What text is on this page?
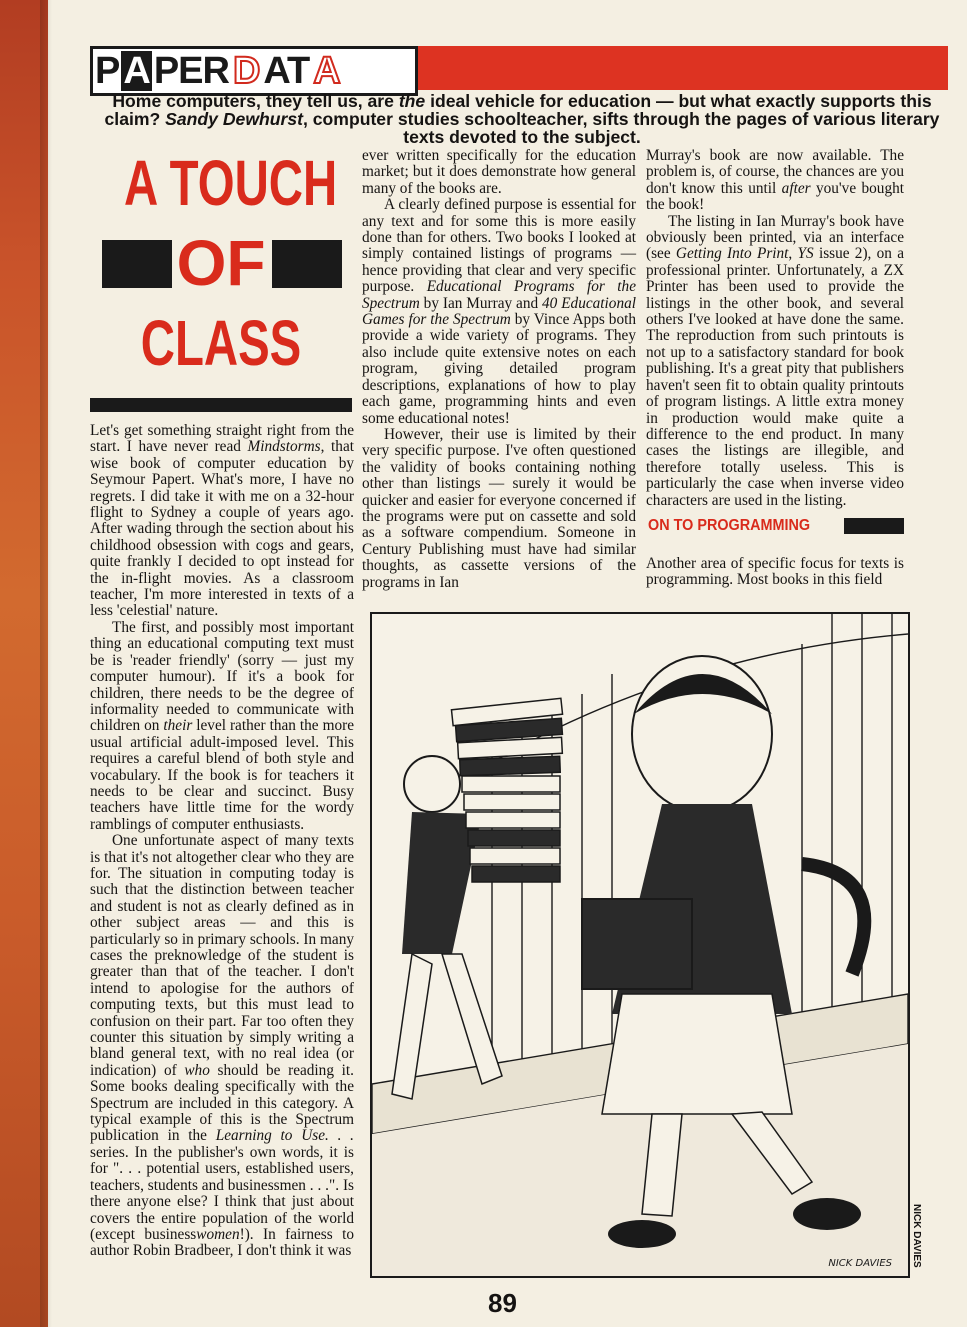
P A PER D AT A
Home computers, they tell us, are the ideal vehicle for education — but what exactly supports this claim? Sandy Dewhurst, computer studies schoolteacher, sifts through the pages of various literary texts devoted to the subject.
A TOUCH
OF
CLASS

Let's get something straight right from the start. I have never read Mindstorms, that wise book of computer education by Seymour Papert. What's more, I have no regrets. I did take it with me on a 32-hour flight to Sydney a couple of years ago. After wading through the section about his childhood obsession with cogs and gears, quite frankly I decided to opt instead for the in-flight movies. As a classroom teacher, I'm more interested in texts of a less 'celestial' nature.

The first, and possibly most important thing an educational computing text must be is 'reader friendly' (sorry — just my computer humour). If it's a book for children, there needs to be the degree of informality needed to communicate with children on their level rather than the more usual artificial adult-imposed level. This requires a careful blend of both style and vocabulary. If the book is for teachers it needs to be clear and succinct. Busy teachers have little time for the wordy ramblings of computer enthusiasts.

One unfortunate aspect of many texts is that it's not altogether clear who they are for. The situation in computing today is such that the distinction between teacher and student is not as clearly defined as in other subject areas — and this is particularly so in primary schools. In many cases the preknowledge of the student is greater than that of the teacher. I don't intend to apologise for the authors of computing texts, but this must lead to confusion on their part. Far too often they counter this situation by simply writing a bland general text, with no real idea (or indication) of who should be reading it. Some books dealing specifically with the Spectrum are included in this category. A typical example of this is the Spectrum publication in the Learning to Use. . . series. In the publisher's own words, it is for ". . . potential users, established users, teachers, students and businessmen . . .". Is there anyone else? I think that just about covers the entire population of the world (except businesswomen!). In fairness to author Robin Bradbeer, I don't think it was

ever written specifically for the education market; but it does demonstrate how general many of the books are.

A clearly defined purpose is essential for any text and for some this is more easily done than for others. Two books I looked at simply contained listings of programs — hence providing that clear and very specific purpose. Educational Programs for the Spectrum by Ian Murray and 40 Educational Games for the Spectrum by Vince Apps both provide a wide variety of programs. They also include quite extensive notes on each program, giving detailed program descriptions, explanations of how to play each game, programming hints and even some educational notes!

However, their use is limited by their very specific purpose. I've often questioned the validity of books containing nothing other than listings — surely it would be quicker and easier for everyone concerned if the programs were put on cassette and sold as a software compendium. Someone in Century Publishing must have had similar thoughts, as cassette versions of the programs in Ian

Murray's book are now available. The problem is, of course, the chances are you don't know this until after you've bought the book!

The listing in Ian Murray's book have obviously been printed, via an interface (see Getting Into Print, YS issue 2), on a professional printer. Unfortunately, a ZX Printer has been used to provide the listings in the other book, and several others I've looked at have done the same. The reproduction from such printouts is not up to a satisfactory standard for book publishing. It's a great pity that publishers haven't seen fit to obtain quality printouts of program listings. A little extra money in production would make quite a difference to the end product. In many cases the listings are illegible, and therefore totally useless. This is particularly the case when inverse video characters are used in the listing.

ON TO PROGRAMMING

Another area of specific focus for texts is programming. Most books in this field

NICK DAVIES NICK DAVIES
89
